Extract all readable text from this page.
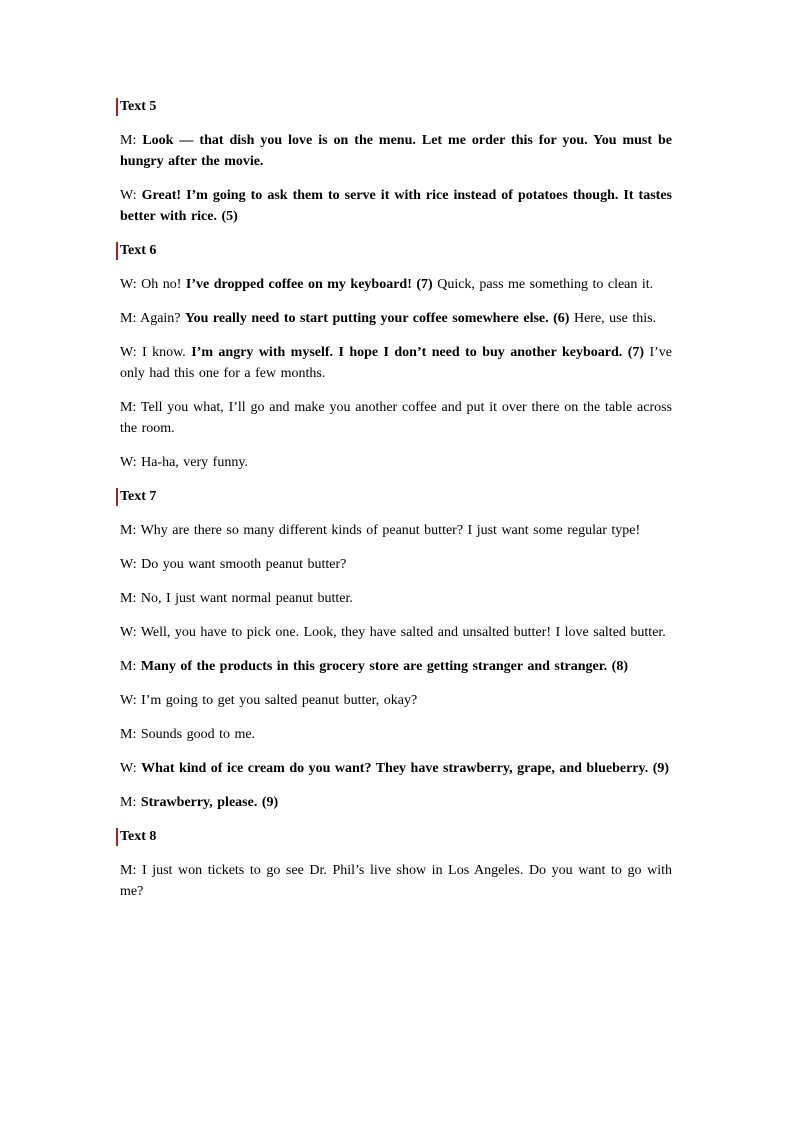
Text 5

M: Look — that dish you love is on the menu. Let me order this for you. You must be hungry after the movie.

W: Great! I’m going to ask them to serve it with rice instead of potatoes though. It tastes better with rice. (5)

Text 6

W: Oh no! I’ve dropped coffee on my keyboard! (7) Quick, pass me something to clean it.

M: Again? You really need to start putting your coffee somewhere else. (6) Here, use this.

W: I know. I’m angry with myself. I hope I don’t need to buy another keyboard. (7) I’ve only had this one for a few months.

M: Tell you what, I’ll go and make you another coffee and put it over there on the table across the room.

W: Ha-ha, very funny.

Text 7

M: Why are there so many different kinds of peanut butter? I just want some regular type!

W: Do you want smooth peanut butter?

M: No, I just want normal peanut butter.

W: Well, you have to pick one. Look, they have salted and unsalted butter! I love salted butter.

M: Many of the products in this grocery store are getting stranger and stranger. (8)

W: I’m going to get you salted peanut butter, okay?

M: Sounds good to me.

W: What kind of ice cream do you want? They have strawberry, grape, and blueberry. (9)

M: Strawberry, please. (9)

Text 8

M: I just won tickets to go see Dr. Phil’s live show in Los Angeles. Do you want to go with me?
